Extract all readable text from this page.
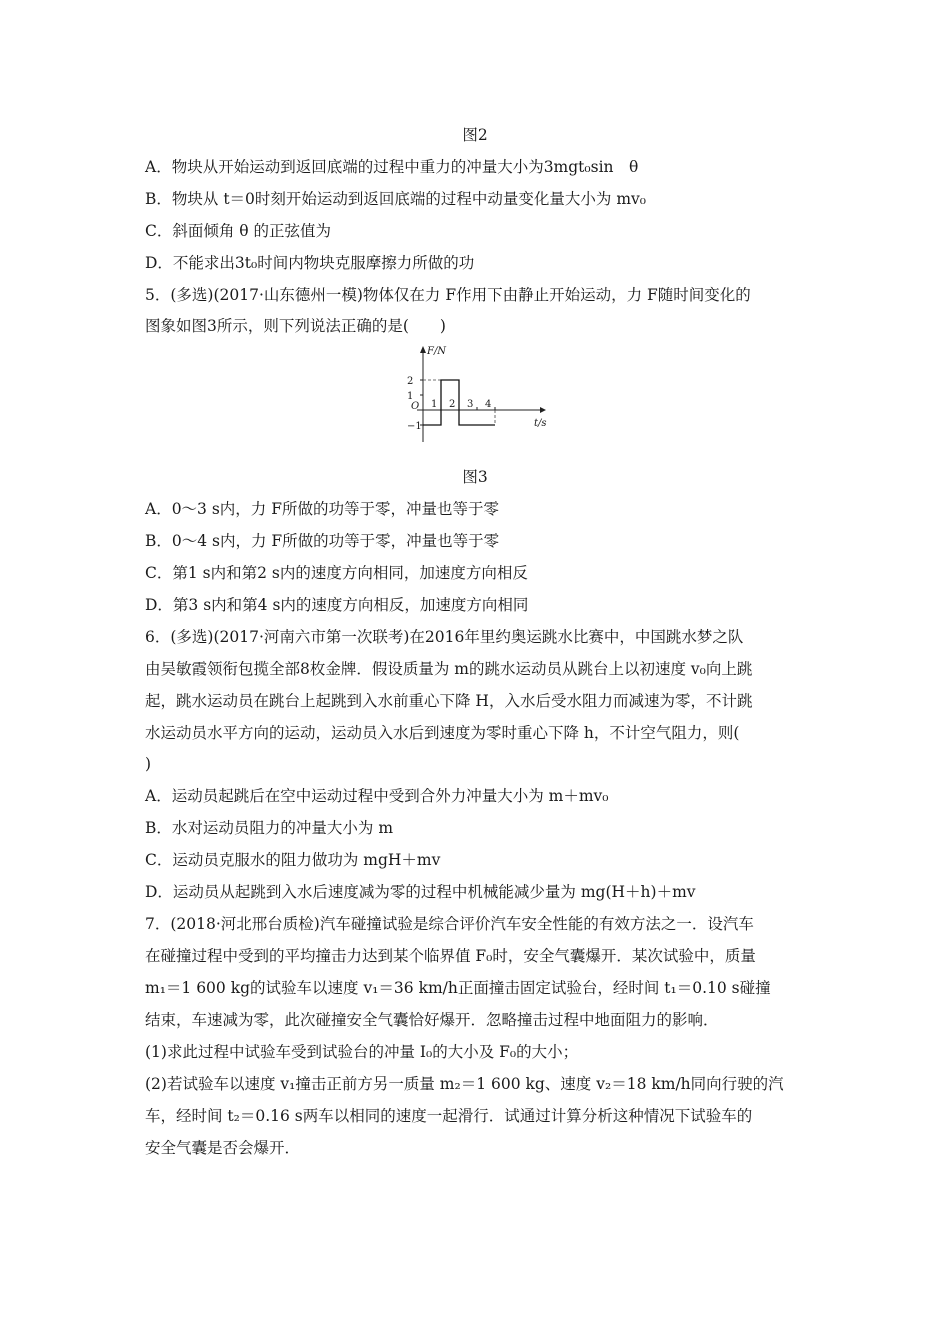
图2
A．物块从开始运动到返回底端的过程中重力的冲量大小为3mgt₀sin　θ
B．物块从 t＝0时刻开始运动到返回底端的过程中动量变化量大小为 mv₀
C．斜面倾角 θ 的正弦值为
D．不能求出3t₀时间内物块克服摩擦力所做的功
5．(多选)(2017·山东德州一模)物体仅在力 F作用下由静止开始运动，力 F随时间变化的
图象如图3所示，则下列说法正确的是(　　)
F/N
t/s
O
2
1
−1
1 2 3 4
图3
A．0～3 s内，力 F所做的功等于零，冲量也等于零
B．0～4 s内，力 F所做的功等于零，冲量也等于零
C．第1 s内和第2 s内的速度方向相同，加速度方向相反
D．第3 s内和第4 s内的速度方向相反，加速度方向相同
6．(多选)(2017·河南六市第一次联考)在2016年里约奥运跳水比赛中，中国跳水梦之队
由吴敏霞领衔包揽全部8枚金牌．假设质量为 m的跳水运动员从跳台上以初速度 v₀向上跳
起，跳水运动员在跳台上起跳到入水前重心下降 H，入水后受水阻力而减速为零，不计跳
水运动员水平方向的运动，运动员入水后到速度为零时重心下降 h，不计空气阻力，则(
)
A．运动员起跳后在空中运动过程中受到合外力冲量大小为 m＋mv₀
B．水对运动员阻力的冲量大小为 m
C．运动员克服水的阻力做功为 mgH＋mv
D．运动员从起跳到入水后速度减为零的过程中机械能减少量为 mg(H＋h)＋mv
7．(2018·河北邢台质检)汽车碰撞试验是综合评价汽车安全性能的有效方法之一．设汽车
在碰撞过程中受到的平均撞击力达到某个临界值 F₀时，安全气囊爆开．某次试验中，质量
m₁＝1 600 kg的试验车以速度 v₁＝36 km/h正面撞击固定试验台，经时间 t₁＝0.10 s碰撞
结束，车速减为零，此次碰撞安全气囊恰好爆开．忽略撞击过程中地面阻力的影响．
(1)求此过程中试验车受到试验台的冲量 I₀的大小及 F₀的大小；
(2)若试验车以速度 v₁撞击正前方另一质量 m₂＝1 600 kg、速度 v₂＝18 km/h同向行驶的汽
车，经时间 t₂＝0.16 s两车以相同的速度一起滑行．试通过计算分析这种情况下试验车的
安全气囊是否会爆开．
